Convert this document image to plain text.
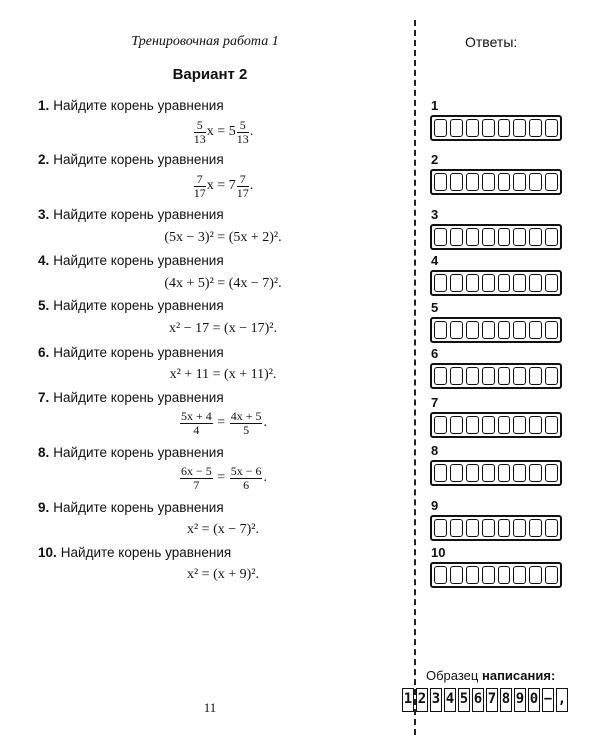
Тренировочная работа 1
Вариант 2
Ответы:
1. Найдите корень уравнения
$\frac{5}{13}$ $x = 5 \frac{5}{13}$ .
2. Найдите корень уравнения
$\frac{7}{17}$ $x = 7 \frac{7}{17}$ .
3. Найдите корень уравнения
(5x − 3)² = (5x + 2)².
4. Найдите корень уравнения
(4x + 5)² = (4x − 7)².
5. Найдите корень уравнения
x² − 17 = (x − 17)².
6. Найдите корень уравнения
x² + 11 = (x + 11)².
7. Найдите корень уравнения
$\frac{5x + 4}{4} = \frac{4x + 5}{5}$ .
8. Найдите корень уравнения
$\frac{6x - 5}{7} = \frac{5x - 6}{6}$ .
9. Найдите корень уравнения
x² = (x − 7)².
10. Найдите корень уравнения
x² = (x + 9)².
1
2
3
4
5
6
7
8
9
10
Образец написания:
1 2 3 4 5 6 7 8 9 0 − ,
11
